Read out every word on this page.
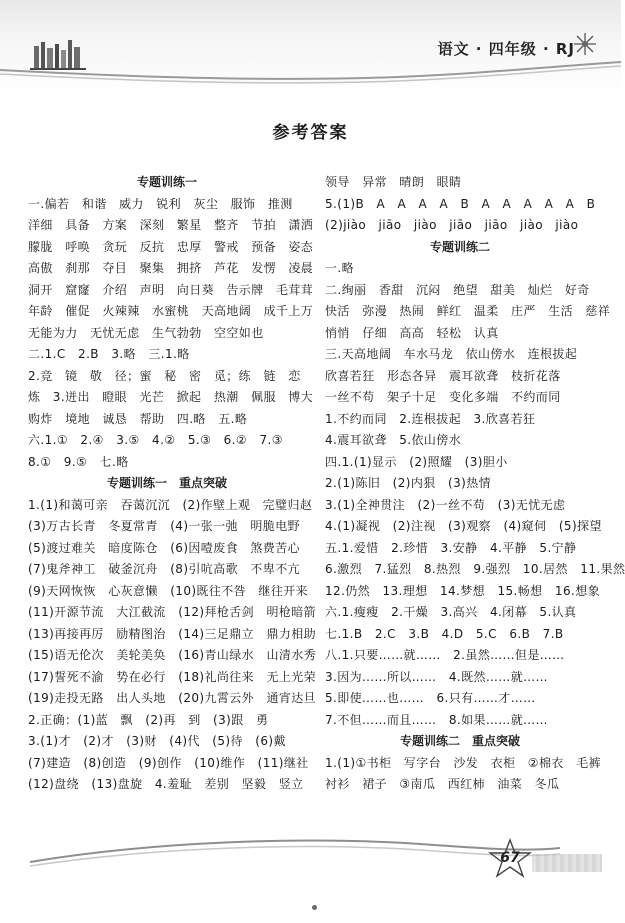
语文 · 四年级 · RJ
参考答案
专题训练一
一.偏若　和谐　威力　锐利　灰尘　服饰　推测
洋细　具备　方案　深刻　繁星　整齐　节拍　潇洒
朦胧　呼唤　贪玩　反抗　忠厚　警戒　预备　姿态
高傲　刹那　夺目　聚集　拥挤　芦花　发愣　凌晨
洞开　窟窿　介绍　声明　向日葵　告示牌　毛茸茸
年龄　催促　火辣辣　水蜜桃　天高地阔　成千上万
无能为力　无忧无虑　生气勃勃　空空如也
二.1.C　2.B　3.略　三.1.略
2.竞　镜　敬　径；蜜　秘　密　觅；练　链　恋
炼　3.迸出　瞪眼　光芒　掀起　热潮　佩服　博大
购炸　境地　诚恳　帮助　四.略　五.略
六.1.①　2.④　3.⑤　4.②　5.③　6.②　7.③
8.①　9.⑤　七.略
专题训练一　重点突破
1.(1)和蔼可亲　吞蔼沉沉　(2)作壁上观　完璧归赵
(3)万古长青　冬夏常青　(4)一张一弛　明脆电野
(5)渡过难关　暗度陈仓　(6)因噎废食　煞费苦心
(7)鬼斧神工　破釜沉舟　(8)引吭高歌　不卑不亢
(9)天网恢恢　心灰意懒　(10)既往不咎　继往开来
(11)开源节流　大江截流　(12)拜枪舌剑　明枪暗箭
(13)再接再厉　励精图治　(14)三足鼎立　鼎力相助
(15)语无伦次　美轮美奂　(16)青山绿水　山清水秀
(17)誓死不渝　势在必行　(18)礼尚往来　无上光荣
(19)走投无路　出人头地　(20)九霄云外　通宵达旦
2.正确：(1)蓝　飘　(2)再　到　(3)跟　勇
3.(1)才　(2)才　(3)财　(4)代　(5)待　(6)戴
(7)建造　(8)创造　(9)创作　(10)维作　(11)继社
(12)盘绕　(13)盘旋　4.羞耻　差别　坚毅　竖立
领导　异常　晴朗　眼睛
5.(1)B　A　A　A　A　B　A　A　A　A　A　B
(2)jiào　jiāo　jiào　jiāo　jiāo　jiào　jiào
专题训练二
一.略
二.绚丽　香甜　沉闷　绝望　甜美　灿烂　好奇
快活　弥漫　热闹　鲜红　温柔　庄严　生活　慈祥
悄悄　仔细　高高　轻松　认真
三.天高地阔　车水马龙　依山傍水　连根拔起
欣喜若狂　形态各异　震耳欲聋　枝折花落
一丝不苟　架子十足　变化多端　不约而同
1.不约而同　2.连根拔起　3.欣喜若狂
4.震耳欲聋　5.依山傍水
四.1.(1)显示　(2)照耀　(3)胆小
2.(1)陈旧　(2)内狠　(3)热情
3.(1)全神贯注　(2)一丝不苟　(3)无忧无虑
4.(1)凝视　(2)注视　(3)观察　(4)窥伺　(5)探望
五.1.爱惜　2.珍惜　3.安静　4.平静　5.宁静
6.激烈　7.猛烈　8.热烈　9.强烈　10.居然　11.果然
12.仍然　13.理想　14.梦想　15.畅想　16.想象
六.1.瘦瘦　2.干燥　3.高兴　4.闭幕　5.认真
七.1.B　2.C　3.B　4.D　5.C　6.B　7.B
八.1.只要……就……　2.虽然……但是……
3.因为……所以……　4.既然……就……
5.即使……也……　6.只有……才……
7.不但……而且……　8.如果……就……
专题训练二　重点突破
1.(1)①书柜　写字台　沙发　衣柜　②棉衣　毛裤
衬衫　裙子　③南瓜　西红柿　油菜　冬瓜
67
